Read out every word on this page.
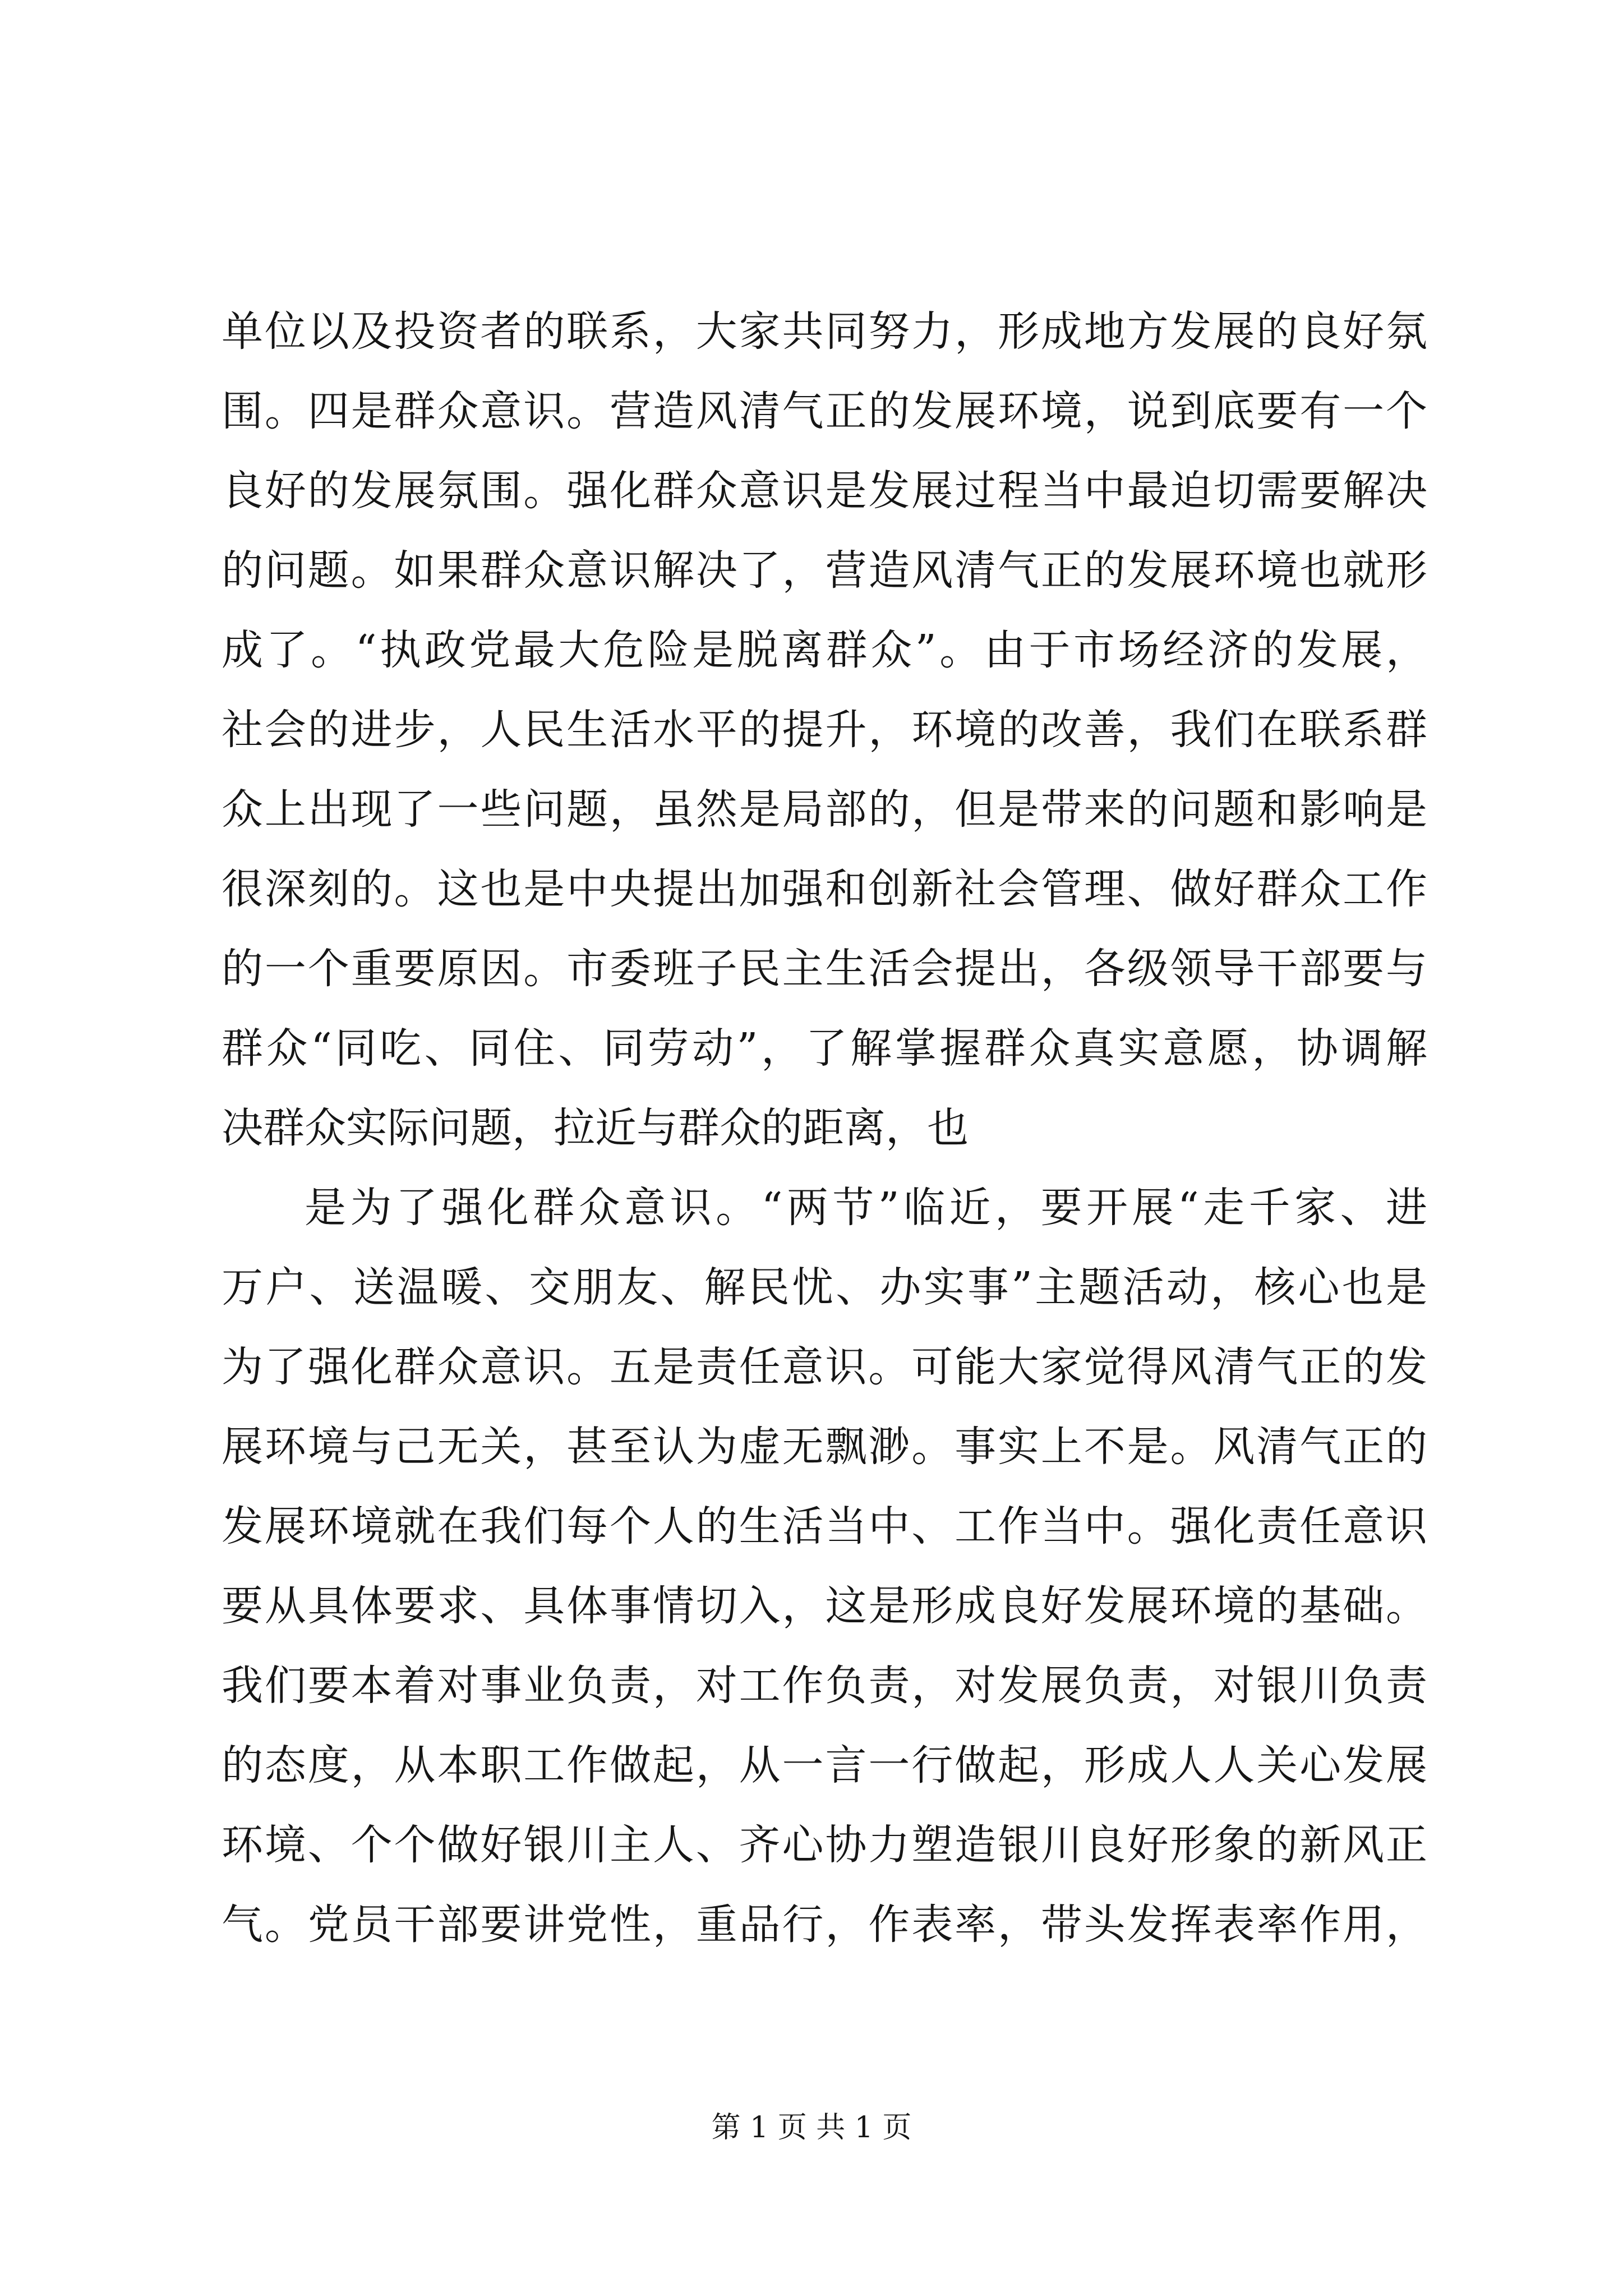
单位以及投资者的联系，大家共同努力，形成地方发展的良好氛
围。四是群众意识。营造风清气正的发展环境，说到底要有一个
良好的发展氛围。强化群众意识是发展过程当中最迫切需要解决
的问题。如果群众意识解决了，营造风清气正的发展环境也就形
成了。“执政党最大危险是脱离群众”。由于市场经济的发展，
社会的进步，人民生活水平的提升，环境的改善，我们在联系群
众上出现了一些问题，虽然是局部的，但是带来的问题和影响是
很深刻的。这也是中央提出加强和创新社会管理、做好群众工作
的一个重要原因。市委班子民主生活会提出，各级领导干部要与
群众“同吃、同住、同劳动”，了解掌握群众真实意愿，协调解
决群众实际问题，拉近与群众的距离，也
是为了强化群众意识。“两节”临近，要开展“走千家、进
万户、送温暖、交朋友、解民忧、办实事”主题活动，核心也是
为了强化群众意识。五是责任意识。可能大家觉得风清气正的发
展环境与己无关，甚至认为虚无飘渺。事实上不是。风清气正的
发展环境就在我们每个人的生活当中、工作当中。强化责任意识
要从具体要求、具体事情切入，这是形成良好发展环境的基础。
我们要本着对事业负责，对工作负责，对发展负责，对银川负责
的态度，从本职工作做起，从一言一行做起，形成人人关心发展
环境、个个做好银川主人、齐心协力塑造银川良好形象的新风正
气。党员干部要讲党性，重品行，作表率，带头发挥表率作用，
第 1 页 共 1 页
